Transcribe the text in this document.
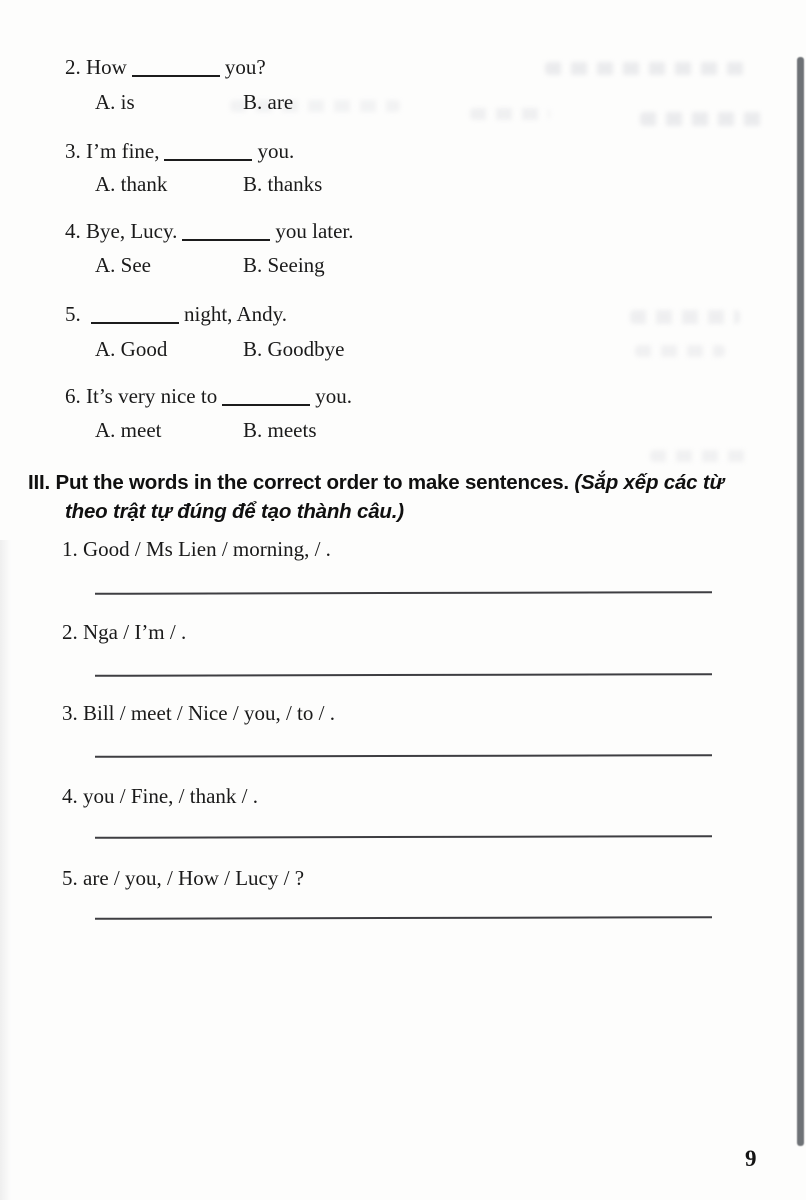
2. How	you?
A. is	B. are
3. I’m fine,	you.
A. thank	B. thanks
4. Bye, Lucy.	you later.
A. See	B. Seeing
5.	night, Andy.
A. Good	B. Goodbye
6. It’s very nice to	you.
A. meet	B. meets
III. Put the words in the correct order to make sentences. (Sắp xếp các từ
theo trật tự đúng để tạo thành câu.)
1. Good / Ms Lien / morning, / .
2. Nga / I’m / .
3. Bill / meet / Nice / you, / to / .
4. you / Fine, / thank / .
5. are / you, / How / Lucy / ?
9
